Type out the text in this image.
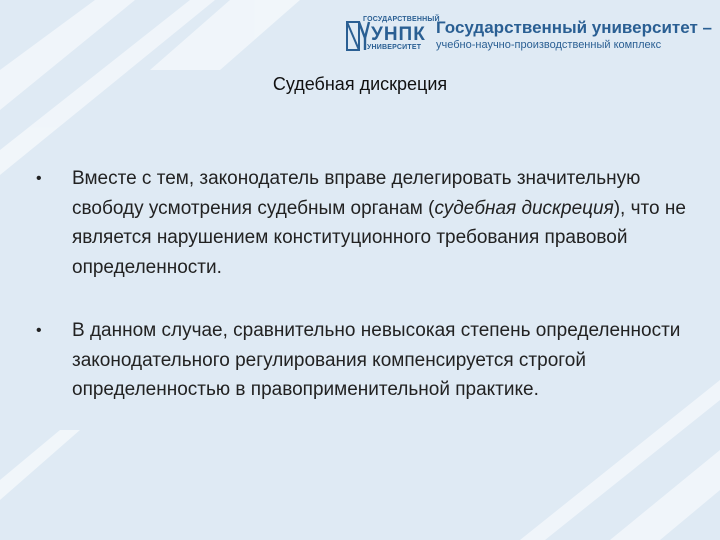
ГОСУДАРСТВЕННЫЙ
УНПК
УНИВЕРСИТЕТ
Государственный университет –
учебно-научно-производственный комплекс
Судебная дискреция
• Вместе с тем, законодатель вправе делегировать значительную свободу усмотрения судебным органам (судебная дискреция), что не является нарушением конституционного требования правовой определенности.
• В данном случае, сравнительно невысокая степень определенности законодательного регулирования компенсируется строгой определенностью в правоприменительной практике.
